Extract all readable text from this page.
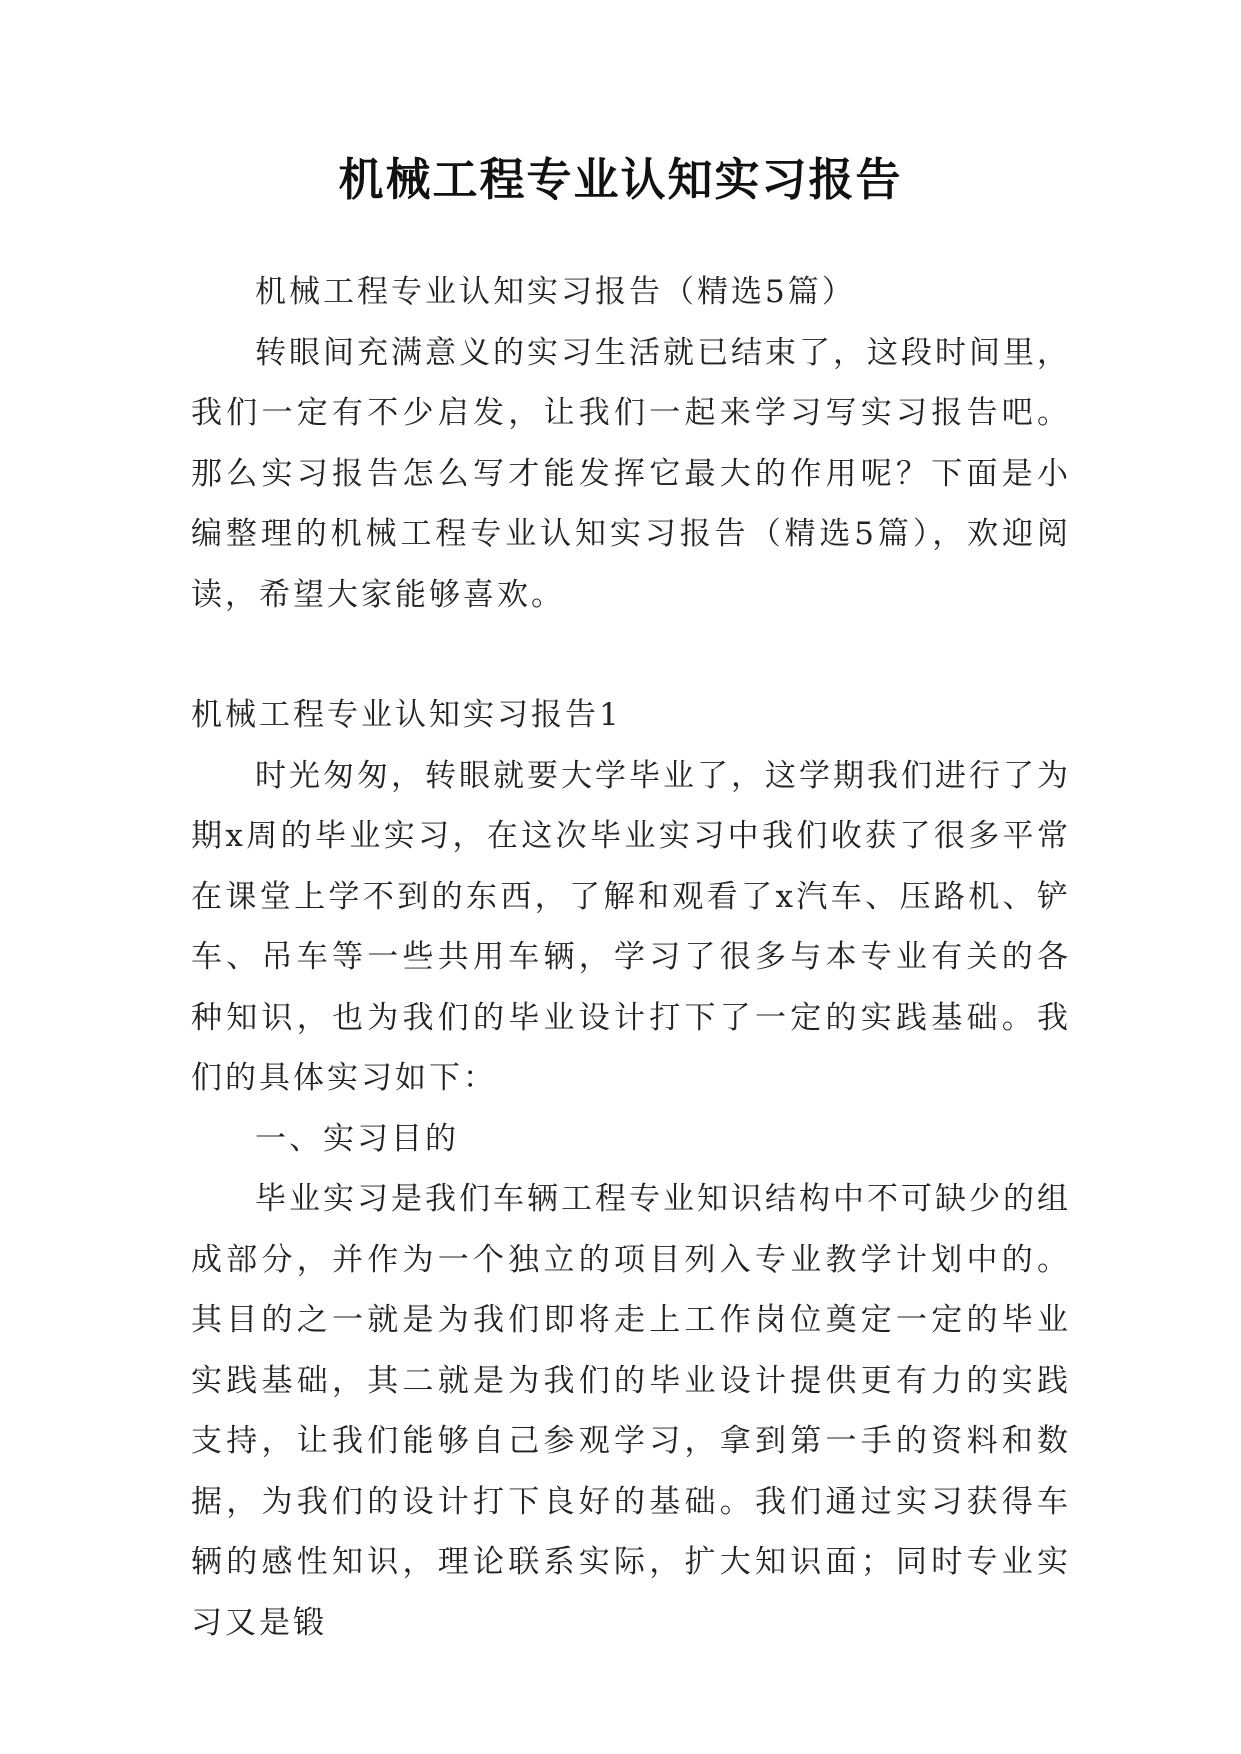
机械工程专业认知实习报告

机械工程专业认知实习报告（精选5篇）

转眼间充满意义的实习生活就已结束了，这段时间里，我们一定有不少启发，让我们一起来学习写实习报告吧。那么实习报告怎么写才能发挥它最大的作用呢？下面是小编整理的机械工程专业认知实习报告（精选5篇），欢迎阅读，希望大家能够喜欢。

机械工程专业认知实习报告1

时光匆匆，转眼就要大学毕业了，这学期我们进行了为期x周的毕业实习，在这次毕业实习中我们收获了很多平常在课堂上学不到的东西，了解和观看了x汽车、压路机、铲车、吊车等一些共用车辆，学习了很多与本专业有关的各种知识，也为我们的毕业设计打下了一定的实践基础。我们的具体实习如下：

一、实习目的

毕业实习是我们车辆工程专业知识结构中不可缺少的组成部分，并作为一个独立的项目列入专业教学计划中的。其目的之一就是为我们即将走上工作岗位奠定一定的毕业实践基础，其二就是为我们的毕业设计提供更有力的实践支持，让我们能够自己参观学习，拿到第一手的资料和数据，为我们的设计打下良好的基础。我们通过实习获得车辆的感性知识，理论联系实际，扩大知识面；同时专业实习又是锻
